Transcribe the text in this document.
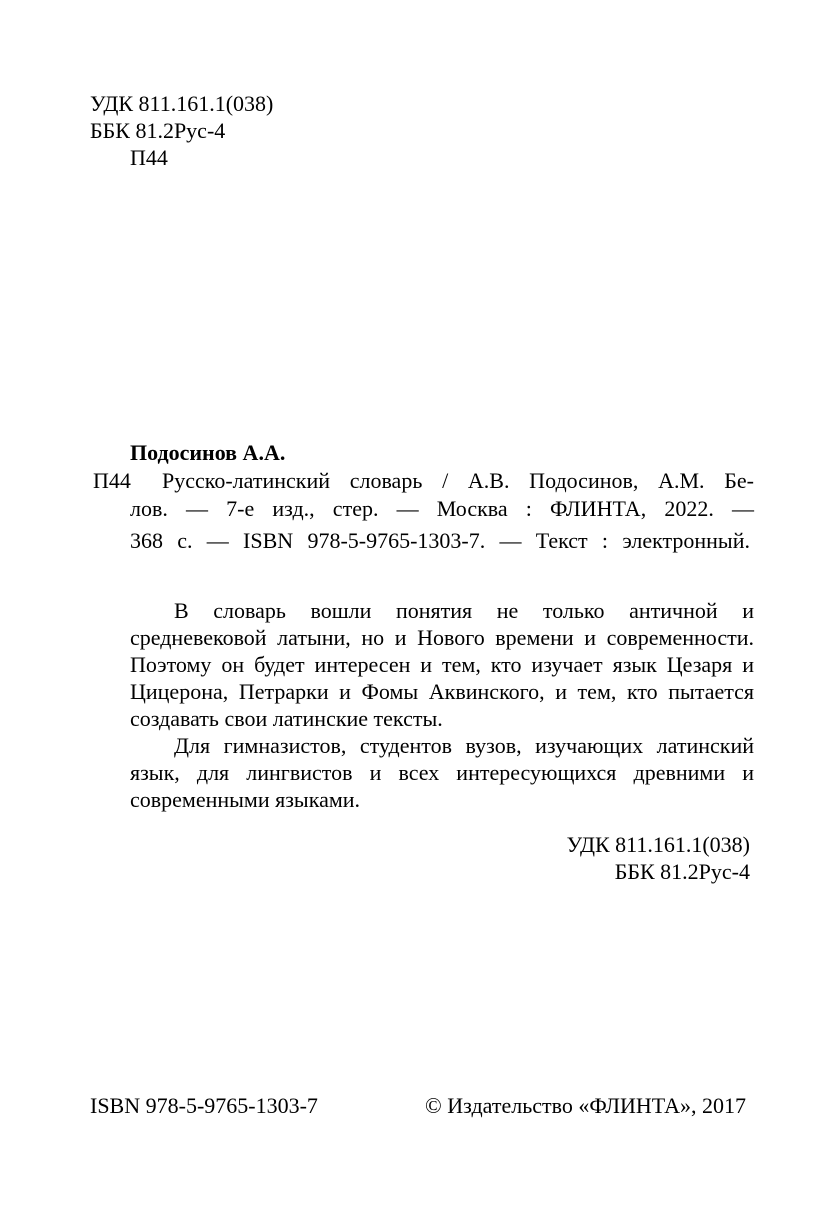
УДК 811.161.1(038)
ББК 81.2Рус-4
П44
Подосинов А.А.
П44 Русско-латинский словарь / А.В. Подосинов, А.М. Бе-
лов. — 7-е изд., стер. — Москва : ФЛИНТА, 2022. —
368 с. — ISBN 978-5-9765-1303-7. — Текст : электронный.
В словарь вошли понятия не только античной и
средневековой латыни, но и Нового времени и современности.
Поэтому он будет интересен и тем, кто изучает язык Цезаря и
Цицерона, Петрарки и Фомы Аквинского, и тем, кто пытается
создавать свои латинские тексты.
Для гимназистов, студентов вузов, изучающих латинский
язык, для лингвистов и всех интересующихся древними и
современными языками.
УДК 811.161.1(038)
ББК 81.2Рус-4
ISBN 978-5-9765-1303-7	© Издательство «ФЛИНТА», 2017
